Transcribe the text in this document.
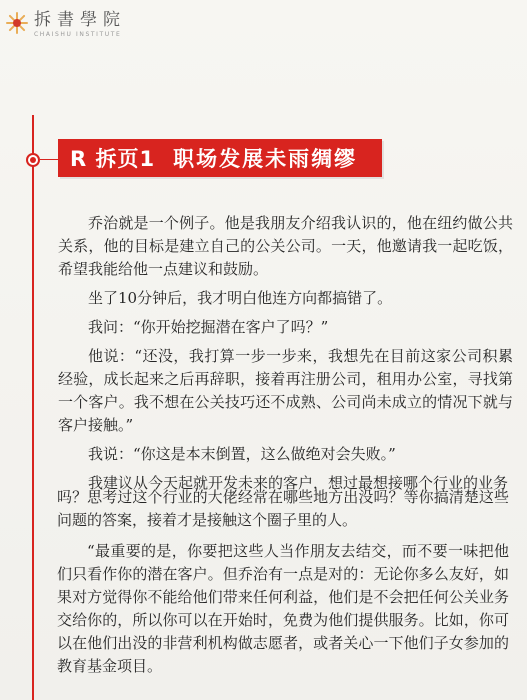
拆書學院
CHAISHU INSTITUTE
R 拆页1 职场发展未雨绸缪

乔治就是一个例子。他是我朋友介绍我认识的，他在纽约做公共关系，他的目标是建立自己的公关公司。一天，他邀请我一起吃饭，希望我能给他一点建议和鼓励。

坐了10分钟后，我才明白他连方向都搞错了。

我问：“你开始挖掘潜在客户了吗？”

他说：“还没，我打算一步一步来，我想先在目前这家公司积累经验，成长起来之后再辞职，接着再注册公司，租用办公室，寻找第一个客户。我不想在公关技巧还不成熟、公司尚未成立的情况下就与客户接触。”

我说：“你这是本末倒置，这么做绝对会失败。”

我建议从今天起就开发未来的客户，想过最想接哪个行业的业务

吗？思考过这个行业的大佬经常在哪些地方出没吗？等你搞清楚这些问题的答案，接着才是接触这个圈子里的人。
“最重要的是，你要把这些人当作朋友去结交，而不要一味把他们只看作你的潜在客户。但乔治有一点是对的：无论你多么友好，如果对方觉得你不能给他们带来任何利益，他们是不会把任何公关业务交给你的，所以你可以在开始时，免费为他们提供服务。比如，你可以在他们出没的非营利机构做志愿者，或者关心一下他们子女参加的教育基金项目。
